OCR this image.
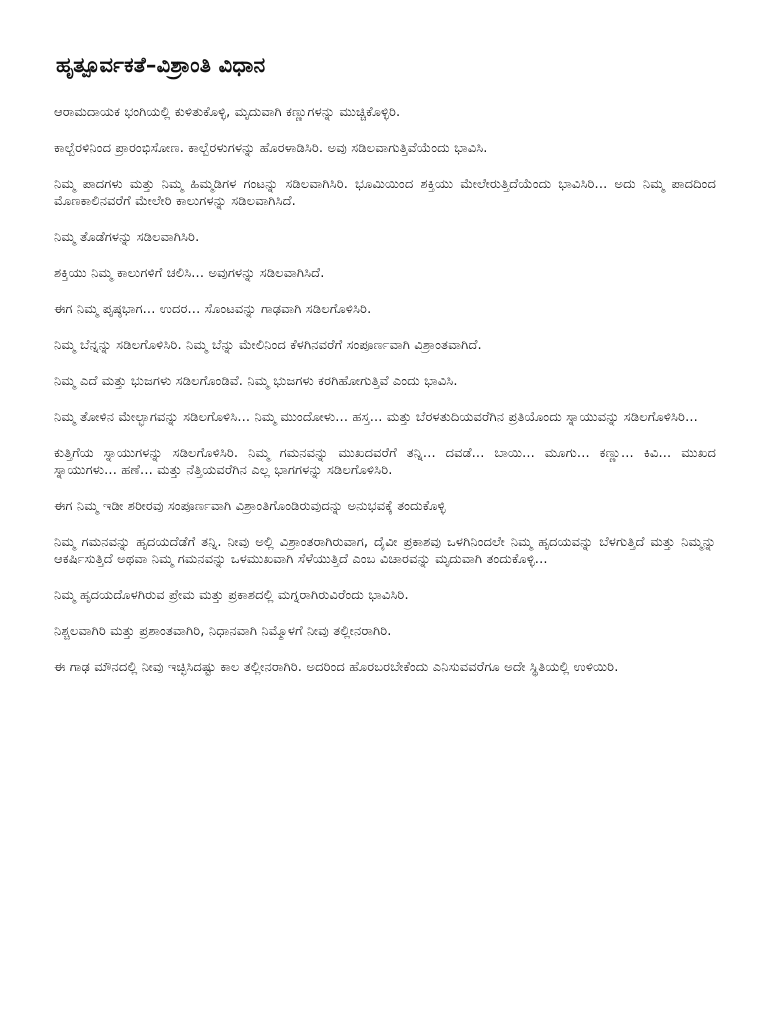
ಹೃತ್ಪೂರ್ವಕತೆ–ವಿಶ್ರಾಂತಿ ವಿಧಾನ

ಆರಾಮದಾಯಕ ಭಂಗಿಯಲ್ಲಿ ಕುಳಿತುಕೊಳ್ಳಿ, ಮೃದುವಾಗಿ ಕಣ್ಣುಗಳನ್ನು ಮುಚ್ಚಿಕೊಳ್ಳಿರಿ.

ಕಾಲ್ಬೆರಳಿನಿಂದ ಪ್ರಾರಂಭಿಸೋಣ. ಕಾಲ್ಬೆರಳುಗಳನ್ನು ಹೊರಳಾಡಿಸಿರಿ. ಅವು ಸಡಿಲವಾಗುತ್ತಿವೆಯೆಂದು ಭಾವಿಸಿ.

ನಿಮ್ಮ ಪಾದಗಳು ಮತ್ತು ನಿಮ್ಮ ಹಿಮ್ಮಡಿಗಳ ಗಂಟನ್ನು ಸಡಿಲವಾಗಿಸಿರಿ. ಭೂಮಿಯಿಂದ ಶಕ್ತಿಯು ಮೇಲೇರುತ್ತಿದೆಯೆಂದು ಭಾವಿಸಿರಿ... ಅದು ನಿಮ್ಮ ಪಾದದಿಂದ ಮೊಣಕಾಲಿನವರೆಗೆ ಮೇಲೇರಿ ಕಾಲುಗಳನ್ನು ಸಡಿಲವಾಗಿಸಿದೆ.

ನಿಮ್ಮ ತೊಡೆಗಳನ್ನು ಸಡಿಲವಾಗಿಸಿರಿ.

ಶಕ್ತಿಯು ನಿಮ್ಮ ಕಾಲುಗಳಿಗೆ ಚಲಿಸಿ... ಅವುಗಳನ್ನು ಸಡಿಲವಾಗಿಸಿದೆ.

ಈಗ ನಿಮ್ಮ ಪೃಷ್ಠಭಾಗ... ಉದರ... ಸೊಂಟವನ್ನು ಗಾಢವಾಗಿ ಸಡಿಲಗೊಳಿಸಿರಿ.

ನಿಮ್ಮ ಬೆನ್ನನ್ನು ಸಡಿಲಗೊಳಿಸಿರಿ. ನಿಮ್ಮ ಬೆನ್ನು ಮೇಲಿನಿಂದ ಕೆಳಗಿನವರೆಗೆ ಸಂಪೂರ್ಣವಾಗಿ ವಿಶ್ರಾಂತವಾಗಿದೆ.

ನಿಮ್ಮ ಎದೆ ಮತ್ತು ಭುಜಗಳು ಸಡಿಲಗೊಂಡಿವೆ. ನಿಮ್ಮ ಭುಜಗಳು ಕರಗಿಹೋಗುತ್ತಿವೆ ಎಂದು ಭಾವಿಸಿ.

ನಿಮ್ಮ ತೋಳಿನ ಮೇಲ್ಭಾಗವನ್ನು ಸಡಿಲಗೊಳಿಸಿ... ನಿಮ್ಮ ಮುಂದೋಳು... ಹಸ್ತ... ಮತ್ತು ಬೆರಳತುದಿಯವರೆಗಿನ ಪ್ರತಿಯೊಂದು ಸ್ನಾಯುವನ್ನು ಸಡಿಲಗೊಳಿಸಿರಿ...

ಕುತ್ತಿಗೆಯ ಸ್ನಾಯುಗಳನ್ನು ಸಡಿಲಗೊಳಿಸಿರಿ. ನಿಮ್ಮ ಗಮನವನ್ನು ಮುಖದವರೆಗೆ ತನ್ನಿ... ದವಡೆ... ಬಾಯಿ... ಮೂಗು... ಕಣ್ಣು... ಕಿವಿ... ಮುಖದ ಸ್ನಾಯುಗಳು... ಹಣೆ... ಮತ್ತು ನೆತ್ತಿಯವರೆಗಿನ ಎಲ್ಲ ಭಾಗಗಳನ್ನು ಸಡಿಲಗೊಳಿಸಿರಿ.

ಈಗ ನಿಮ್ಮ ಇಡೀ ಶರೀರವು ಸಂಪೂರ್ಣವಾಗಿ ವಿಶ್ರಾಂತಿಗೊಂಡಿರುವುದನ್ನು ಅನುಭವಕ್ಕೆ ತಂದುಕೊಳ್ಳಿ

ನಿಮ್ಮ ಗಮನವನ್ನು ಹೃದಯದೆಡೆಗೆ ತನ್ನಿ. ನೀವು ಅಲ್ಲಿ ವಿಶ್ರಾಂತರಾಗಿರುವಾಗ, ದೈವೀ ಪ್ರಕಾಶವು ಒಳಗಿನಿಂದಲೇ ನಿಮ್ಮ ಹೃದಯವನ್ನು ಬೆಳಗುತ್ತಿದೆ ಮತ್ತು ನಿಮ್ಮನ್ನು ಆಕರ್ಷಿಸುತ್ತಿದೆ ಅಥವಾ ನಿಮ್ಮ ಗಮನವನ್ನು ಒಳಮುಖವಾಗಿ ಸೆಳೆಯುತ್ತಿದೆ ಎಂಬ ವಿಚಾರವನ್ನು ಮೃದುವಾಗಿ ತಂದುಕೊಳ್ಳಿ...

ನಿಮ್ಮ ಹೃದಯದೊಳಗಿರುವ ಪ್ರೇಮ ಮತ್ತು ಪ್ರಕಾಶದಲ್ಲಿ ಮಗ್ನರಾಗಿರುವಿರೆಂದು ಭಾವಿಸಿರಿ.

ನಿಶ್ಚಲವಾಗಿರಿ ಮತ್ತು ಪ್ರಶಾಂತವಾಗಿರಿ, ನಿಧಾನವಾಗಿ ನಿಮ್ಮೊಳಗೆ ನೀವು ತಲ್ಲೀನರಾಗಿರಿ.

ಈ ಗಾಢ ಮೌನದಲ್ಲಿ ನೀವು ಇಚ್ಛಿಸಿದಷ್ಟು ಕಾಲ ತಲ್ಲೀನರಾಗಿರಿ. ಅದರಿಂದ ಹೊರಬರಬೇಕೆಂದು ಎನಿಸುವವರೆಗೂ ಅದೇ ಸ್ಥಿತಿಯಲ್ಲಿ ಉಳಿಯಿರಿ.
